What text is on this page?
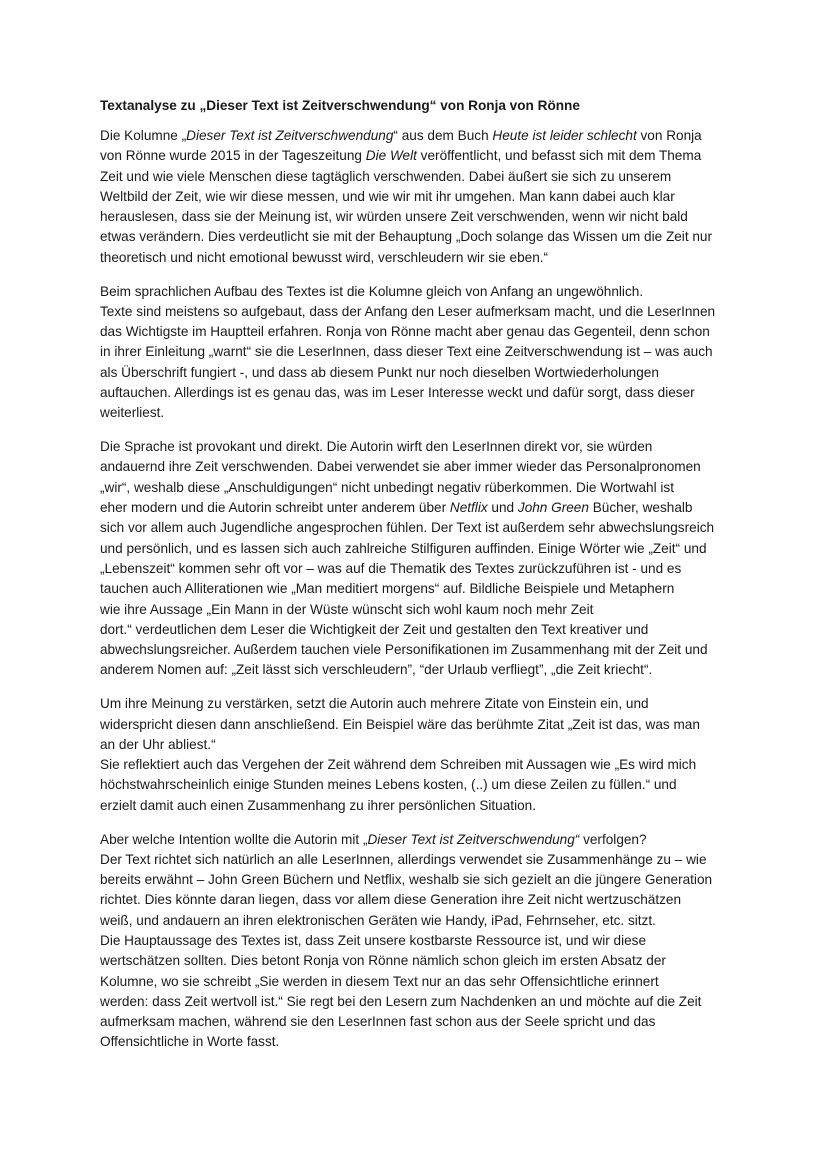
Textanalyse zu „Dieser Text ist Zeitverschwendung“ von Ronja von Rönne
Die Kolumne „Dieser Text ist Zeitverschwendung“ aus dem Buch Heute ist leider schlecht von Ronja
von Rönne wurde 2015 in der Tageszeitung Die Welt veröffentlicht, und befasst sich mit dem Thema
Zeit und wie viele Menschen diese tagtäglich verschwenden. Dabei äußert sie sich zu unserem
Weltbild der Zeit, wie wir diese messen, und wie wir mit ihr umgehen. Man kann dabei auch klar
herauslesen, dass sie der Meinung ist, wir würden unsere Zeit verschwenden, wenn wir nicht bald
etwas verändern. Dies verdeutlicht sie mit der Behauptung „Doch solange das Wissen um die Zeit nur
theoretisch und nicht emotional bewusst wird, verschleudern wir sie eben.“
Beim sprachlichen Aufbau des Textes ist die Kolumne gleich von Anfang an ungewöhnlich.
Texte sind meistens so aufgebaut, dass der Anfang den Leser aufmerksam macht, und die LeserInnen
das Wichtigste im Hauptteil erfahren. Ronja von Rönne macht aber genau das Gegenteil, denn schon
in ihrer Einleitung „warnt“ sie die LeserInnen, dass dieser Text eine Zeitverschwendung ist – was auch
als Überschrift fungiert -, und dass ab diesem Punkt nur noch dieselben Wortwiederholungen
auftauchen. Allerdings ist es genau das, was im Leser Interesse weckt und dafür sorgt, dass dieser
weiterliest.
Die Sprache ist provokant und direkt. Die Autorin wirft den LeserInnen direkt vor, sie würden
andauernd ihre Zeit verschwenden. Dabei verwendet sie aber immer wieder das Personalpronomen
„wir“, weshalb diese „Anschuldigungen“ nicht unbedingt negativ rüberkommen. Die Wortwahl ist
eher modern und die Autorin schreibt unter anderem über Netflix und John Green Bücher, weshalb
sich vor allem auch Jugendliche angesprochen fühlen. Der Text ist außerdem sehr abwechslungsreich
und persönlich, und es lassen sich auch zahlreiche Stilfiguren auffinden. Einige Wörter wie „Zeit“ und
„Lebenszeit“ kommen sehr oft vor – was auf die Thematik des Textes zurückzuführen ist - und es
tauchen auch Alliterationen wie „Man meditiert morgens“ auf. Bildliche Beispiele und Metaphern
wie ihre Aussage „Ein Mann in der Wüste wünscht sich wohl kaum noch mehr Zeit
dort.“ verdeutlichen dem Leser die Wichtigkeit der Zeit und gestalten den Text kreativer und
abwechslungsreicher. Außerdem tauchen viele Personifikationen im Zusammenhang mit der Zeit und
anderem Nomen auf: „Zeit lässt sich verschleudern”, “der Urlaub verfliegt”, „die Zeit kriecht“.
Um ihre Meinung zu verstärken, setzt die Autorin auch mehrere Zitate von Einstein ein, und
widerspricht diesen dann anschließend. Ein Beispiel wäre das berühmte Zitat „Zeit ist das, was man
an der Uhr abliest.“
Sie reflektiert auch das Vergehen der Zeit während dem Schreiben mit Aussagen wie „Es wird mich
höchstwahrscheinlich einige Stunden meines Lebens kosten, (..) um diese Zeilen zu füllen.“ und
erzielt damit auch einen Zusammenhang zu ihrer persönlichen Situation.
Aber welche Intention wollte die Autorin mit „Dieser Text ist Zeitverschwendung“ verfolgen?
Der Text richtet sich natürlich an alle LeserInnen, allerdings verwendet sie Zusammenhänge zu – wie
bereits erwähnt – John Green Büchern und Netflix, weshalb sie sich gezielt an die jüngere Generation
richtet. Dies könnte daran liegen, dass vor allem diese Generation ihre Zeit nicht wertzuschätzen
weiß, und andauern an ihren elektronischen Geräten wie Handy, iPad, Fehrnseher, etc. sitzt.
Die Hauptaussage des Textes ist, dass Zeit unsere kostbarste Ressource ist, und wir diese
wertschätzen sollten. Dies betont Ronja von Rönne nämlich schon gleich im ersten Absatz der
Kolumne, wo sie schreibt „Sie werden in diesem Text nur an das sehr Offensichtliche erinnert
werden: dass Zeit wertvoll ist.“ Sie regt bei den Lesern zum Nachdenken an und möchte auf die Zeit
aufmerksam machen, während sie den LeserInnen fast schon aus der Seele spricht und das
Offensichtliche in Worte fasst.
